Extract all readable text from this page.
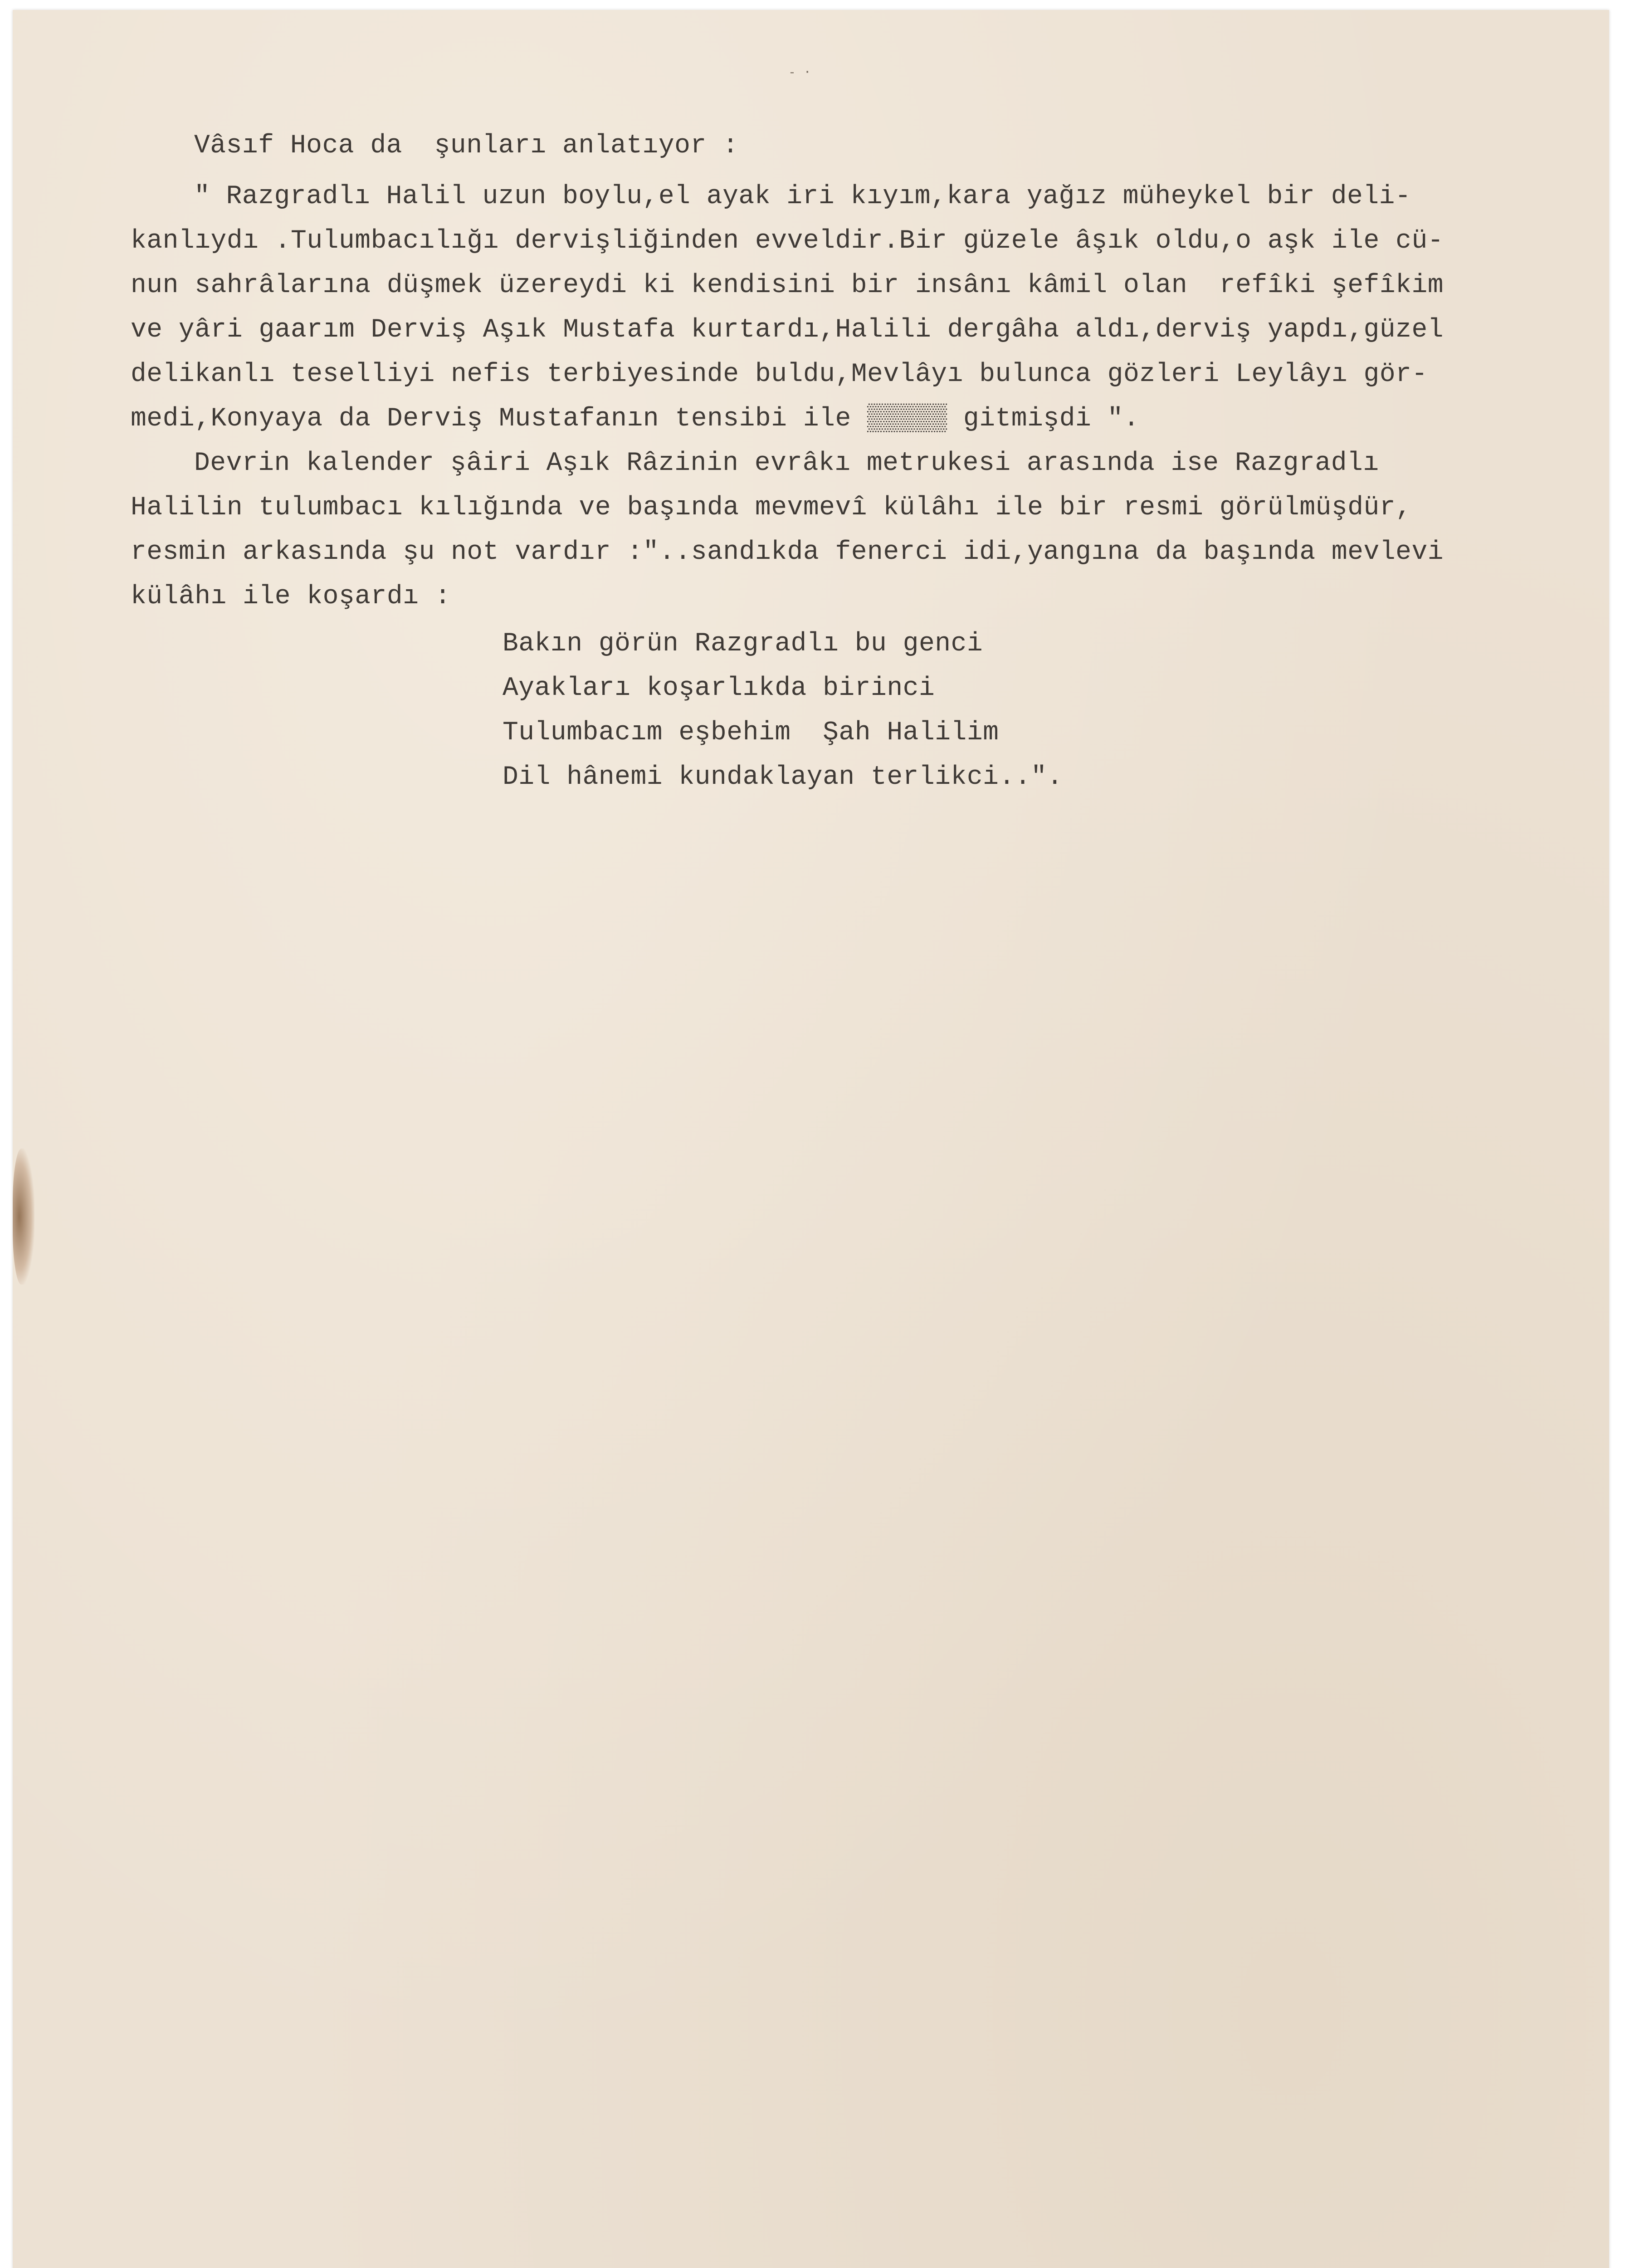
- ·

Vâsıf Hoca da  şunları anlatıyor :

" Razgradlı Halil uzun boylu,el ayak iri kıyım,kara yağız müheykel bir deli-

kanlıydı .Tulumbacılığı dervişliğinden evveldir.Bir güzele âşık oldu,o aşk ile cü-

nun sahrâlarına düşmek üzereydi ki kendisini bir insânı kâmil olan  refîki şefîkim

ve yâri gaarım Derviş Aşık Mustafa kurtardı,Halili dergâha aldı,derviş yapdı,güzel

delikanlı teselliyi nefis terbiyesinde buldu,Mevlâyı bulunca gözleri Leylâyı gör-

medi,Konyaya da Derviş Mustafanın tensibi ile ▒▒▒▒▒ gitmişdi ".

Devrin kalender şâiri Aşık Râzinin evrâkı metrukesi arasında ise Razgradlı

Halilin tulumbacı kılığında ve başında mevmevî külâhı ile bir resmi görülmüşdür,

resmin arkasında şu not vardır :"..sandıkda fenerci idi,yangına da başında mevlevi

külâhı ile koşardı :

Bakın görün Razgradlı bu genci

Ayakları koşarlıkda birinci

Tulumbacım eşbehim  Şah Halilim

Dil hânemi kundaklayan terlikci..".
